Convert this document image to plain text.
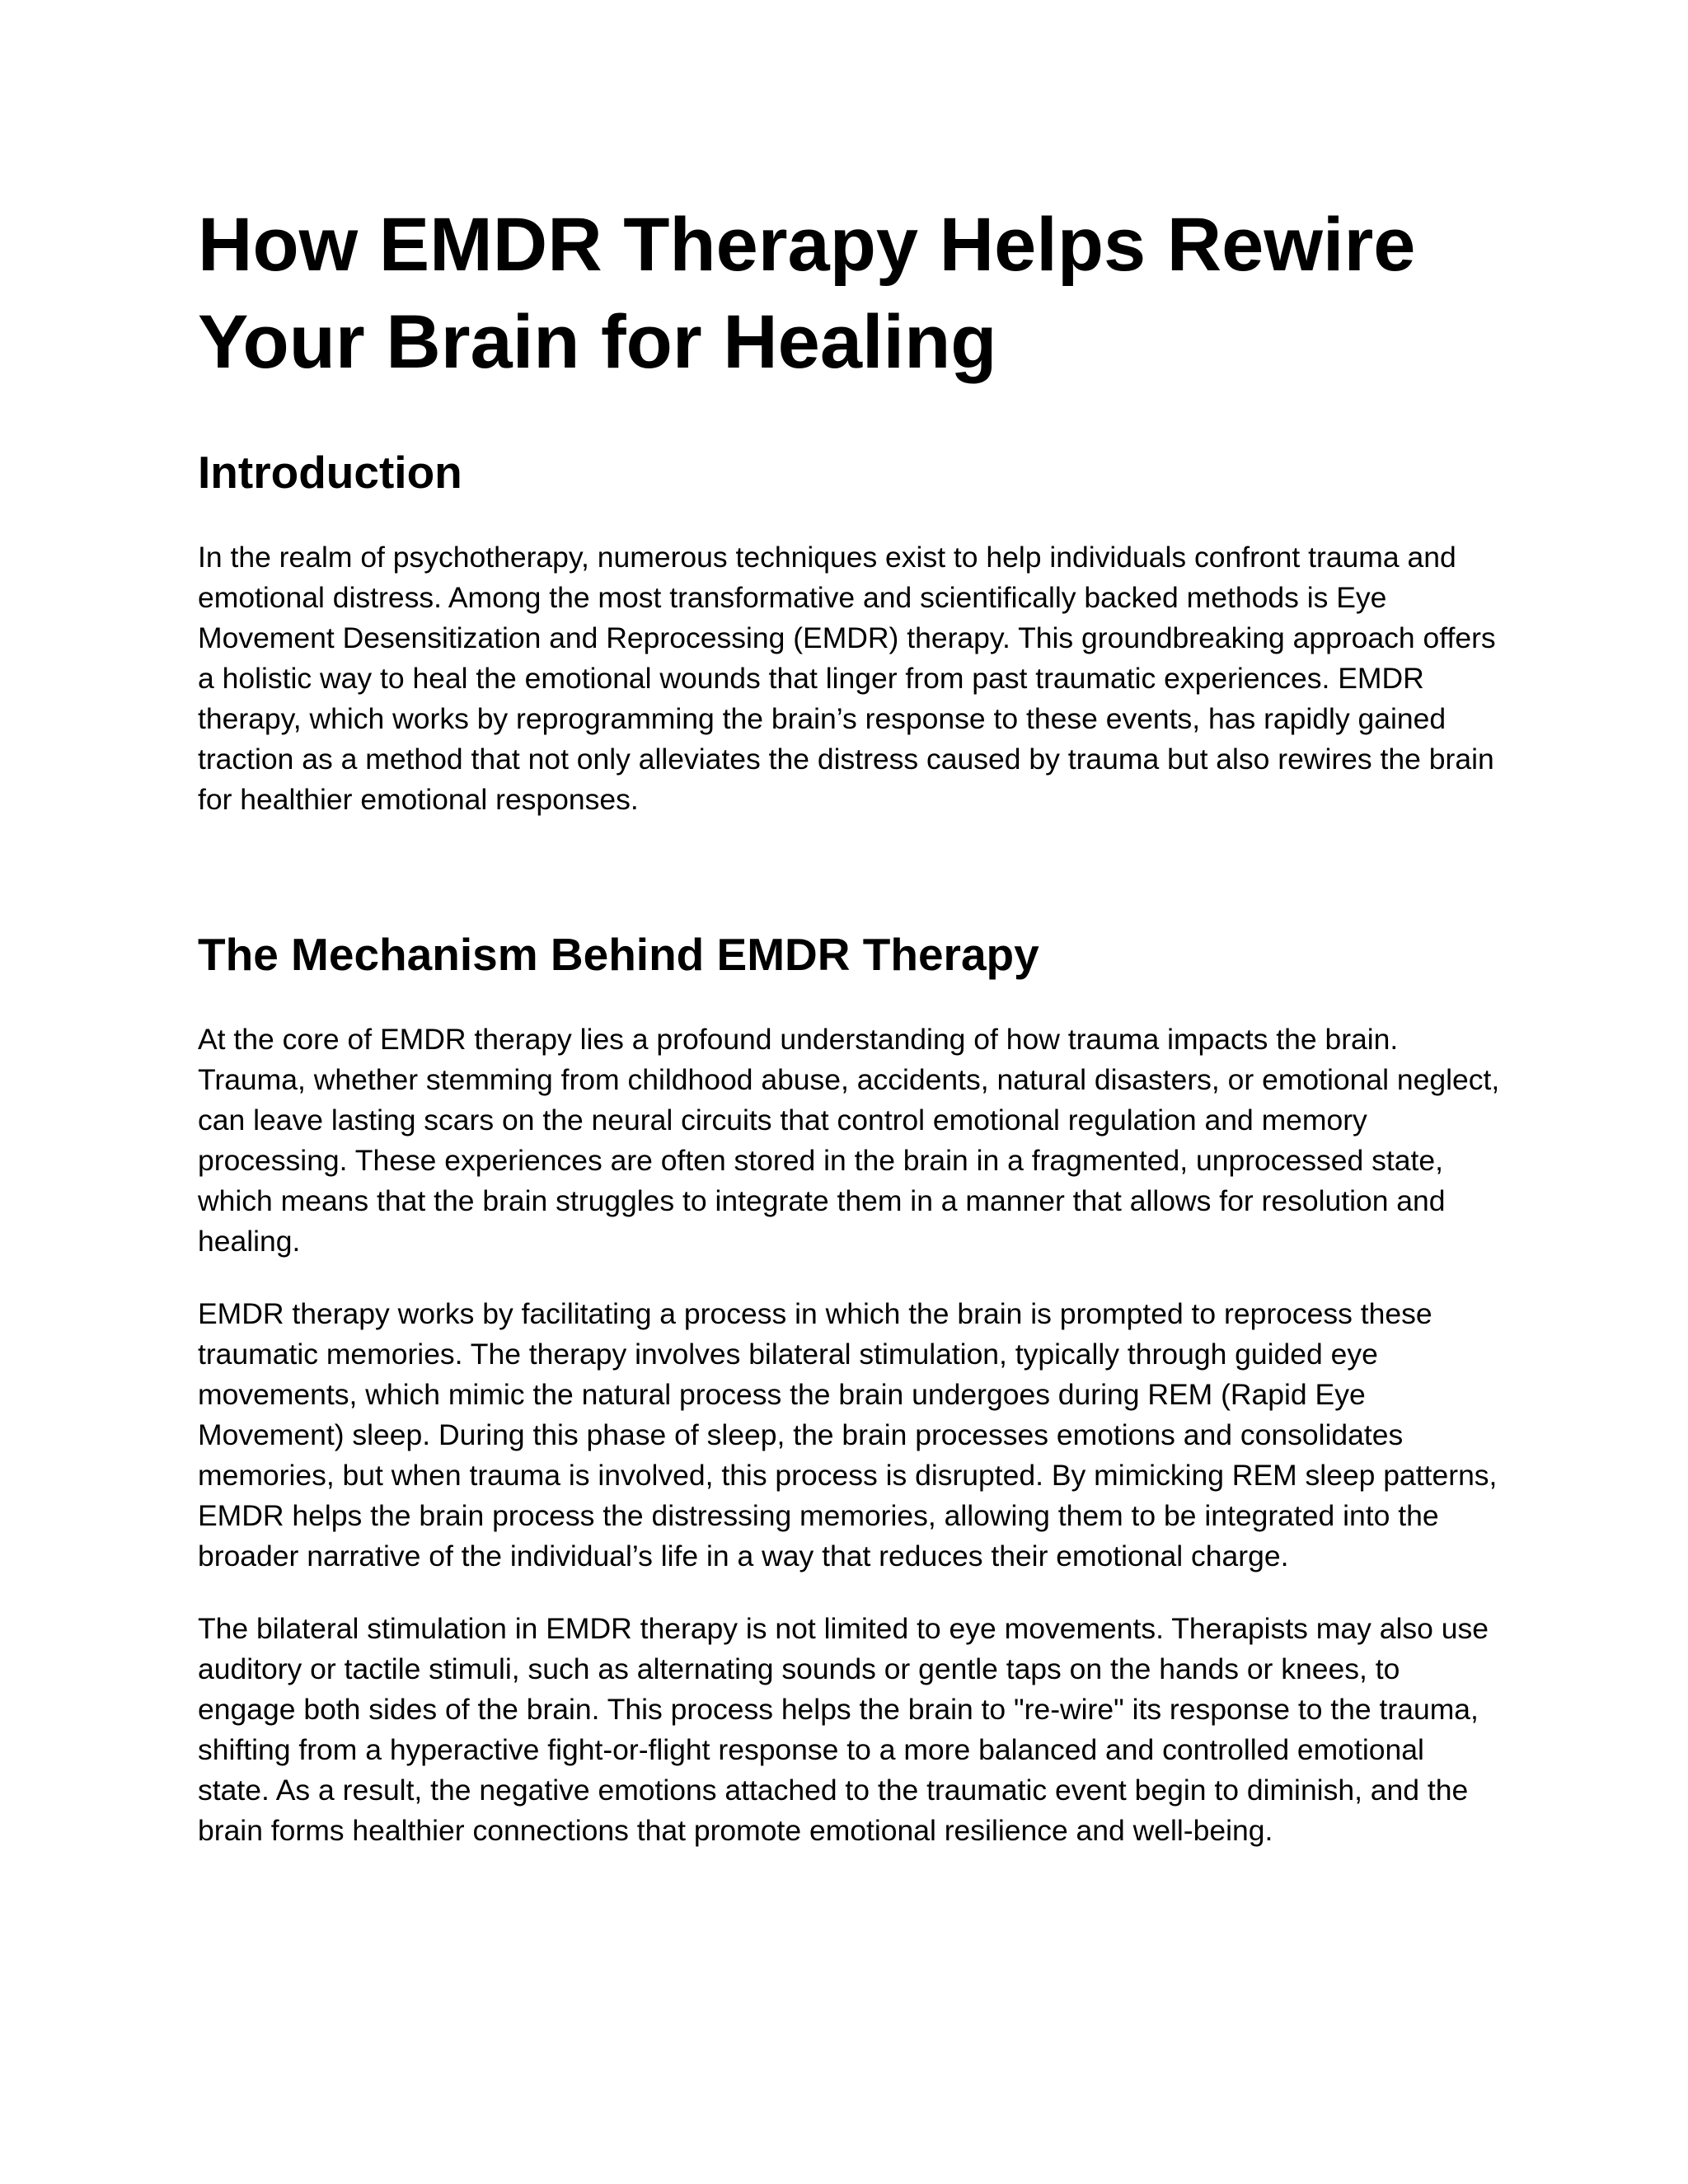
How EMDR Therapy Helps Rewire Your Brain for Healing
Introduction

In the realm of psychotherapy, numerous techniques exist to help individuals confront trauma and emotional distress. Among the most transformative and scientifically backed methods is Eye Movement Desensitization and Reprocessing (EMDR) therapy. This groundbreaking approach offers a holistic way to heal the emotional wounds that linger from past traumatic experiences. EMDR therapy, which works by reprogramming the brain’s response to these events, has rapidly gained traction as a method that not only alleviates the distress caused by trauma but also rewires the brain for healthier emotional responses.

The Mechanism Behind EMDR Therapy

At the core of EMDR therapy lies a profound understanding of how trauma impacts the brain. Trauma, whether stemming from childhood abuse, accidents, natural disasters, or emotional neglect, can leave lasting scars on the neural circuits that control emotional regulation and memory processing. These experiences are often stored in the brain in a fragmented, unprocessed state, which means that the brain struggles to integrate them in a manner that allows for resolution and healing.

EMDR therapy works by facilitating a process in which the brain is prompted to reprocess these traumatic memories. The therapy involves bilateral stimulation, typically through guided eye movements, which mimic the natural process the brain undergoes during REM (Rapid Eye Movement) sleep. During this phase of sleep, the brain processes emotions and consolidates memories, but when trauma is involved, this process is disrupted. By mimicking REM sleep patterns, EMDR helps the brain process the distressing memories, allowing them to be integrated into the broader narrative of the individual’s life in a way that reduces their emotional charge.

The bilateral stimulation in EMDR therapy is not limited to eye movements. Therapists may also use auditory or tactile stimuli, such as alternating sounds or gentle taps on the hands or knees, to engage both sides of the brain. This process helps the brain to "re-wire" its response to the trauma, shifting from a hyperactive fight-or-flight response to a more balanced and controlled emotional state. As a result, the negative emotions attached to the traumatic event begin to diminish, and the brain forms healthier connections that promote emotional resilience and well-being.
